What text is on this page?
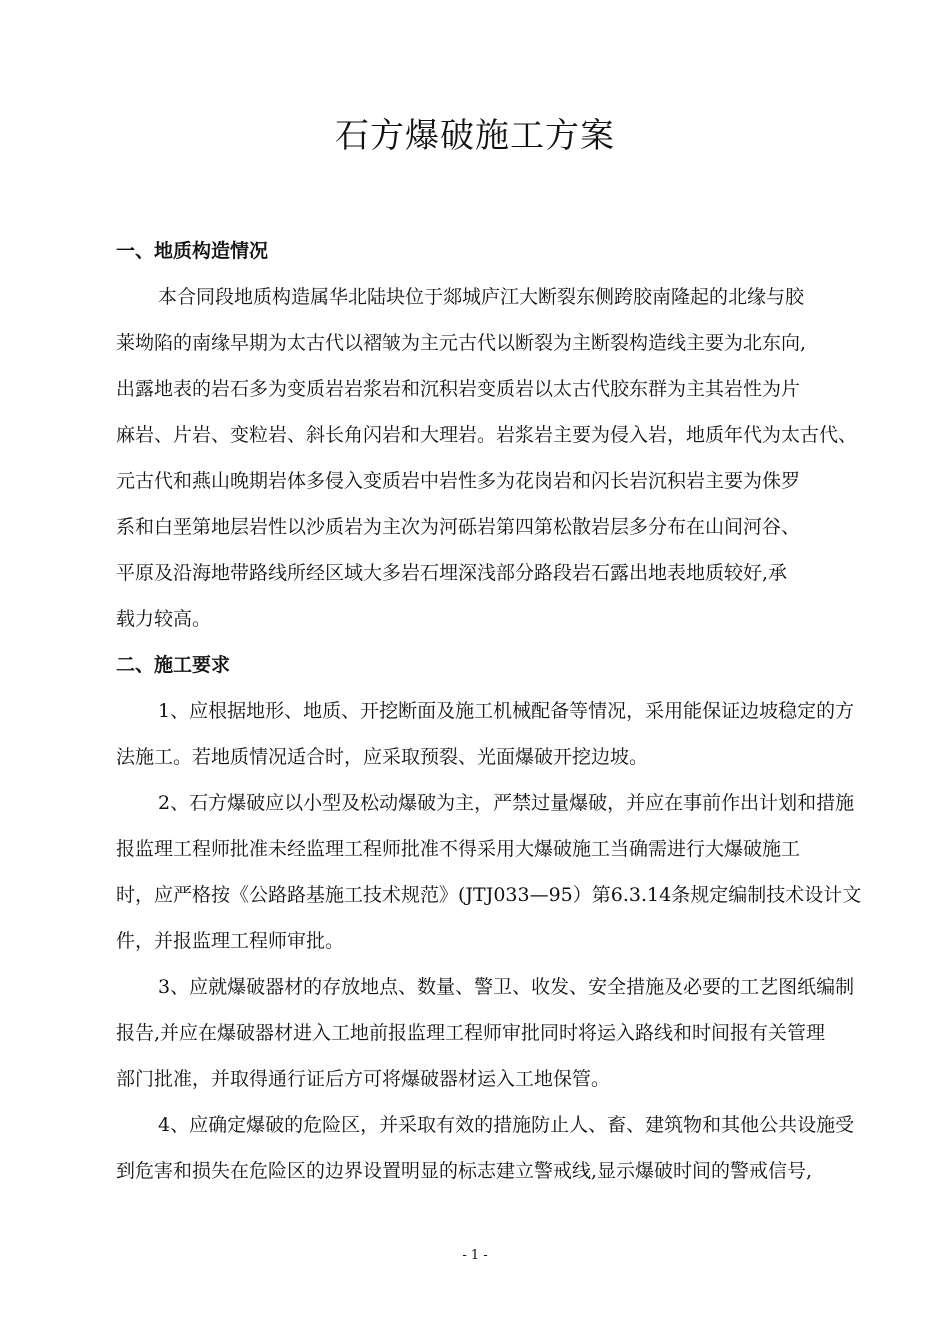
石方爆破施工方案
一、地质构造情况
本合同段地质构造属华北陆块位于郯城庐江大断裂东侧跨胶南隆起的北缘与胶
莱坳陷的南缘早期为太古代以褶皱为主元古代以断裂为主断裂构造线主要为北东向,
出露地表的岩石多为变质岩岩浆岩和沉积岩变质岩以太古代胶东群为主其岩性为片
麻岩、片岩、变粒岩、斜长角闪岩和大理岩。岩浆岩主要为侵入岩，地质年代为太古代、
元古代和燕山晚期岩体多侵入变质岩中岩性多为花岗岩和闪长岩沉积岩主要为侏罗
系和白垩第地层岩性以沙质岩为主次为河砾岩第四第松散岩层多分布在山间河谷、
平原及沿海地带路线所经区域大多岩石埋深浅部分路段岩石露出地表地质较好,承
载力较高。
二、施工要求
1、应根据地形、地质、开挖断面及施工机械配备等情况，采用能保证边坡稳定的方
法施工。若地质情况适合时，应采取预裂、光面爆破开挖边坡。
2、石方爆破应以小型及松动爆破为主，严禁过量爆破，并应在事前作出计划和措施
报监理工程师批准未经监理工程师批准不得采用大爆破施工当确需进行大爆破施工
时，应严格按《公路路基施工技术规范》(JTJ033—95）第6.3.14条规定编制技术设计文
件，并报监理工程师审批。
3、应就爆破器材的存放地点、数量、警卫、收发、安全措施及必要的工艺图纸编制
报告,并应在爆破器材进入工地前报监理工程师审批同时将运入路线和时间报有关管理
部门批准，并取得通行证后方可将爆破器材运入工地保管。
4、应确定爆破的危险区，并采取有效的措施防止人、畜、建筑物和其他公共设施受
到危害和损失在危险区的边界设置明显的标志建立警戒线,显示爆破时间的警戒信号,
- 1 -
